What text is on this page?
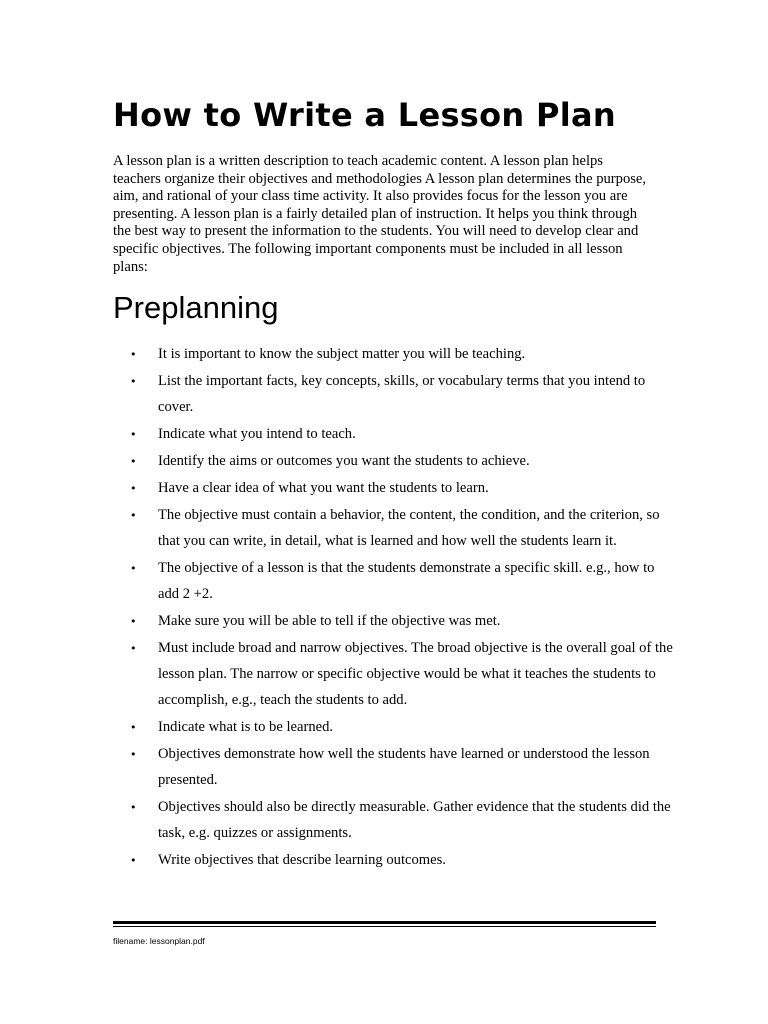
How to Write a Lesson Plan

A lesson plan is a written description to teach academic content. A lesson plan helps teachers organize their objectives and methodologies A lesson plan determines the purpose, aim, and rational of your class time activity. It also provides focus for the lesson you are presenting. A lesson plan is a fairly detailed plan of instruction. It helps you think through the best way to present the information to the students. You will need to develop clear and specific objectives. The following important components must be included in all lesson plans:

Preplanning
• It is important to know the subject matter you will be teaching.
• List the important facts, key concepts, skills, or vocabulary terms that you intend to cover.
• Indicate what you intend to teach.
• Identify the aims or outcomes you want the students to achieve.
• Have a clear idea of what you want the students to learn.
• The objective must contain a behavior, the content, the condition, and the criterion, so that you can write, in detail, what is learned and how well the students learn it.
• The objective of a lesson is that the students demonstrate a specific skill. e.g., how to add 2 +2.
• Make sure you will be able to tell if the objective was met.
• Must include broad and narrow objectives. The broad objective is the overall goal of the lesson plan. The narrow or specific objective would be what it teaches the students to accomplish, e.g., teach the students to add.
• Indicate what is to be learned.
• Objectives demonstrate how well the students have learned or understood the lesson presented.
• Objectives should also be directly measurable. Gather evidence that the students did the task, e.g. quizzes or assignments.
• Write objectives that describe learning outcomes.

filename: lessonplan.pdf
